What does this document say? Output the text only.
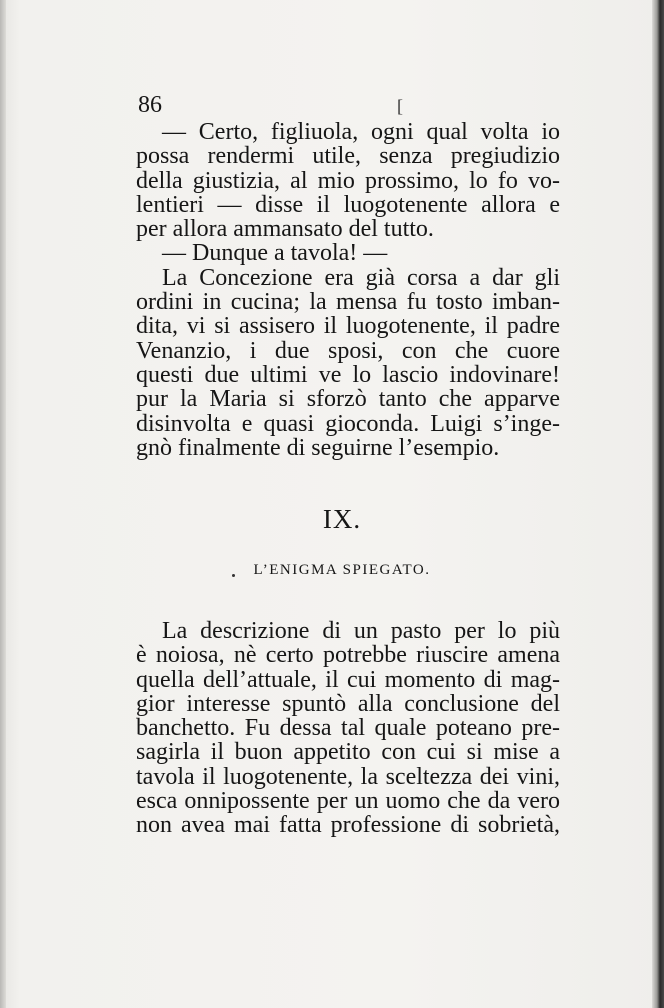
86	[
— Certo, figliuola, ogni qual volta io
possa rendermi utile, senza pregiudizio
della giustizia, al mio prossimo, lo fo vo-
lentieri — disse il luogotenente allora e
per allora ammansato del tutto.
— Dunque a tavola! —
La Concezione era già corsa a dar gli
ordini in cucina; la mensa fu tosto imban-
dita, vi si assisero il luogotenente, il padre
Venanzio, i due sposi, con che cuore
questi due ultimi ve lo lascio indovinare!
pur la Maria si sforzò tanto che apparve
disinvolta e quasi gioconda. Luigi s’inge-
gnò finalmente di seguirne l’esempio.
IX.
L’ENIGMA SPIEGATO.
La descrizione di un pasto per lo più
è noiosa, nè certo potrebbe riuscire amena
quella dell’attuale, il cui momento di mag-
gior interesse spuntò alla conclusione del
banchetto. Fu dessa tal quale poteano pre-
sagirla il buon appetito con cui si mise a
tavola il luogotenente, la sceltezza dei vini,
esca onnipossente per un uomo che da vero
non avea mai fatta professione di sobrietà,
